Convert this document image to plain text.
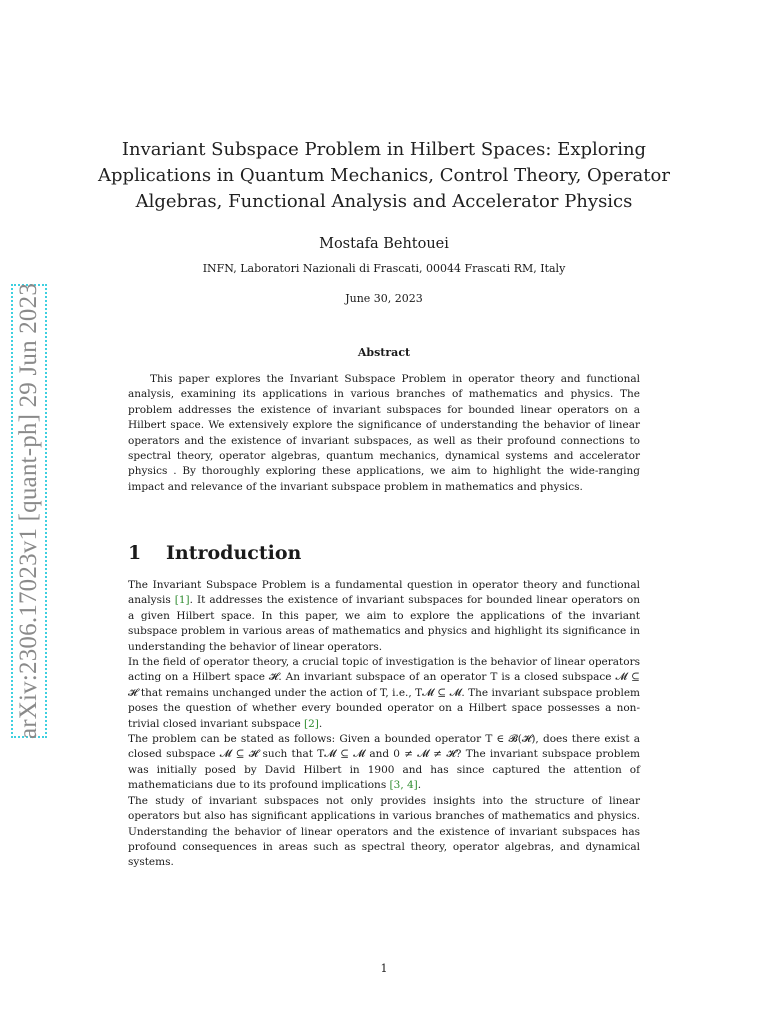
arXiv:2306.17023v1 [quant-ph] 29 Jun 2023
Invariant Subspace Problem in Hilbert Spaces: Exploring Applications in Quantum Mechanics, Control Theory, Operator Algebras, Functional Analysis and Accelerator Physics
Mostafa Behtouei
INFN, Laboratori Nazionali di Frascati, 00044 Frascati RM, Italy
June 30, 2023
Abstract

This paper explores the Invariant Subspace Problem in operator theory and functional analysis, examining its applications in various branches of mathematics and physics. The problem addresses the existence of invariant subspaces for bounded linear operators on a Hilbert space. We extensively explore the significance of understanding the behavior of linear operators and the existence of invariant subspaces, as well as their profound connections to spectral theory, operator algebras, quantum mechanics, dynamical systems and accelerator physics . By thoroughly exploring these applications, we aim to highlight the wide-ranging impact and relevance of the invariant subspace problem in mathematics and physics.

1 Introduction

The Invariant Subspace Problem is a fundamental question in operator theory and functional analysis [1]. It addresses the existence of invariant subspaces for bounded linear operators on a given Hilbert space. In this paper, we aim to explore the applications of the invariant subspace problem in various areas of mathematics and physics and highlight its significance in understanding the behavior of linear operators.

In the field of operator theory, a crucial topic of investigation is the behavior of linear operators acting on a Hilbert space 𝓗. An invariant subspace of an operator T is a closed subspace 𝓜 ⊆ 𝓗 that remains unchanged under the action of T, i.e., T𝓜 ⊆ 𝓜. The invariant subspace problem poses the question of whether every bounded operator on a Hilbert space possesses a non-trivial closed invariant subspace [2].

The problem can be stated as follows: Given a bounded operator T ∈ 𝓑(𝓗), does there exist a closed subspace 𝓜 ⊆ 𝓗 such that T𝓜 ⊆ 𝓜 and 0 ≠ 𝓜 ≠ 𝓗? The invariant subspace problem was initially posed by David Hilbert in 1900 and has since captured the attention of mathematicians due to its profound implications [3, 4].

The study of invariant subspaces not only provides insights into the structure of linear operators but also has significant applications in various branches of mathematics and physics. Understanding the behavior of linear operators and the existence of invariant subspaces has profound consequences in areas such as spectral theory, operator algebras, and dynamical systems.

1
